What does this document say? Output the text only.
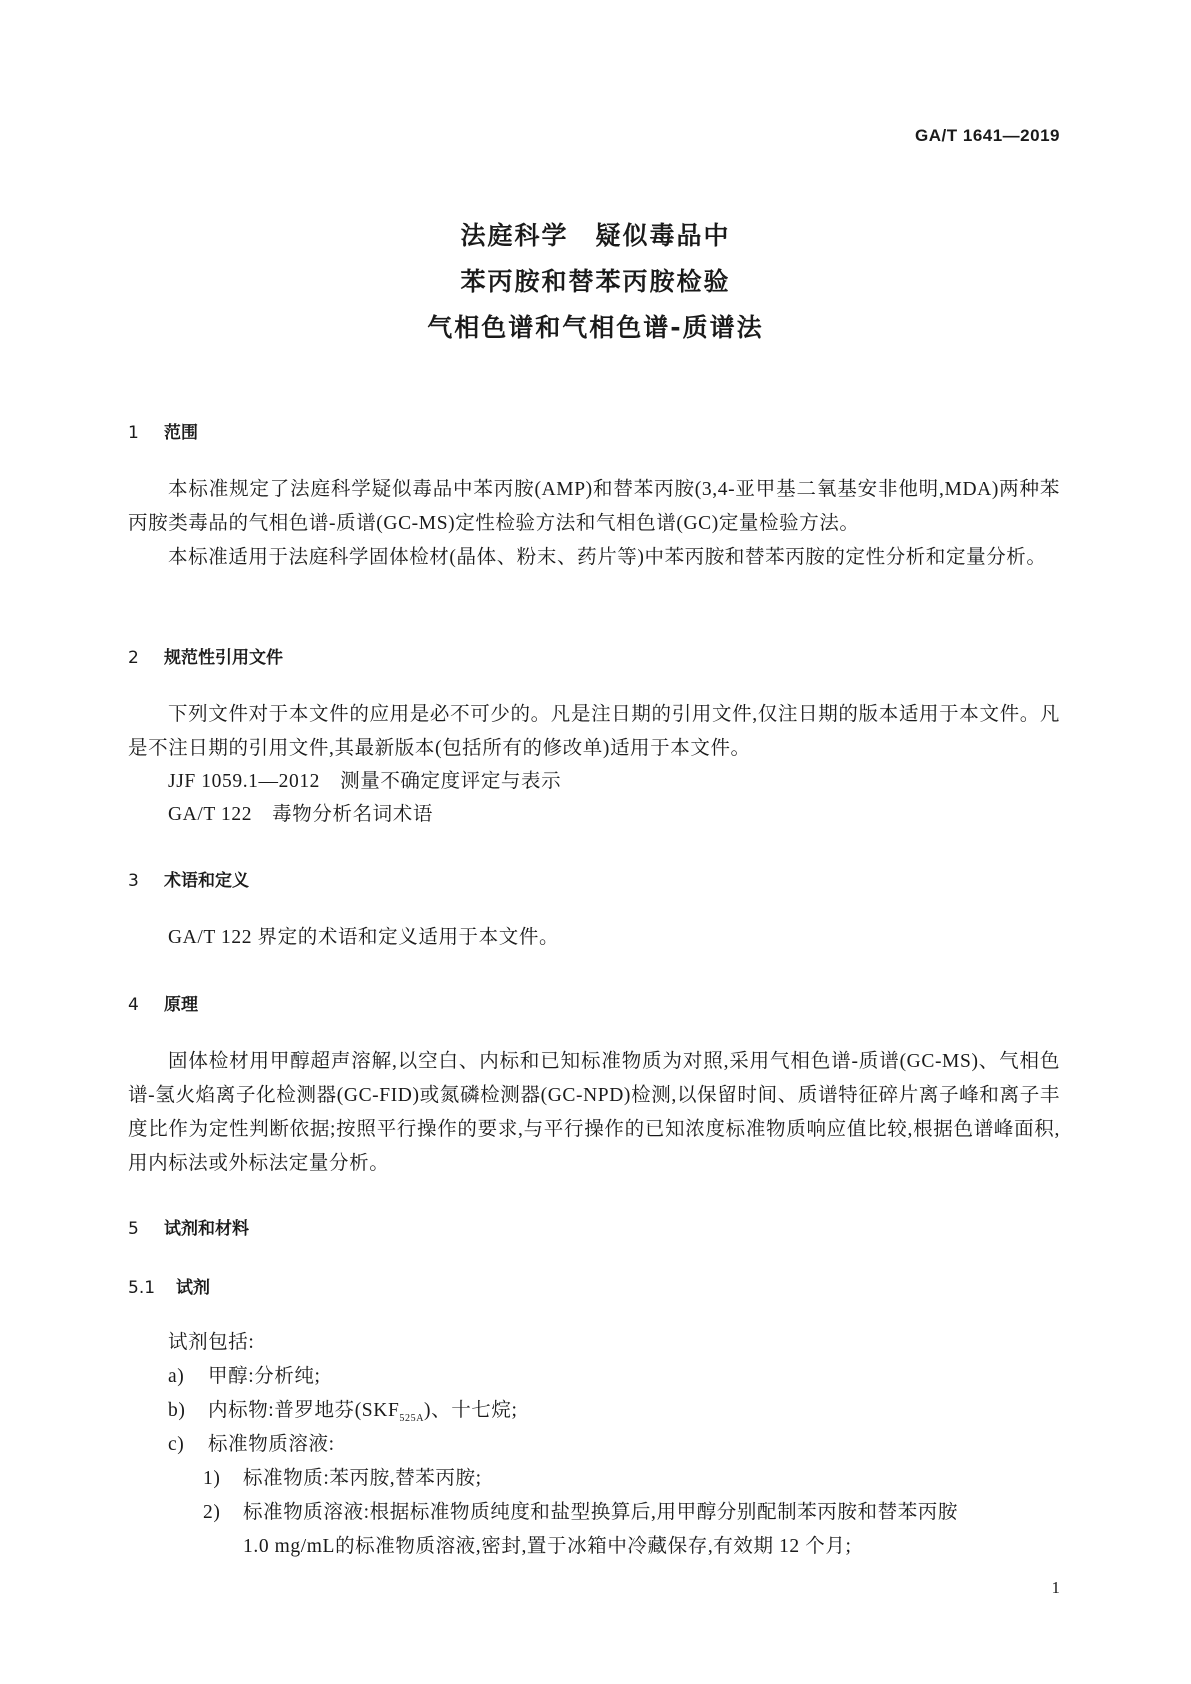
GA/T 1641—2019
法庭科学　疑似毒品中
苯丙胺和替苯丙胺检验
气相色谱和气相色谱-质谱法
1 范围
本标准规定了法庭科学疑似毒品中苯丙胺(AMP)和替苯丙胺(3,4-亚甲基二氧基安非他明,MDA)两种苯丙胺类毒品的气相色谱-质谱(GC-MS)定性检验方法和气相色谱(GC)定量检验方法。
本标准适用于法庭科学固体检材(晶体、粉末、药片等)中苯丙胺和替苯丙胺的定性分析和定量分析。
2 规范性引用文件
下列文件对于本文件的应用是必不可少的。凡是注日期的引用文件,仅注日期的版本适用于本文件。凡是不注日期的引用文件,其最新版本(包括所有的修改单)适用于本文件。
JJF 1059.1—2012　测量不确定度评定与表示
GA/T 122　毒物分析名词术语
3 术语和定义
GA/T 122 界定的术语和定义适用于本文件。
4 原理
固体检材用甲醇超声溶解,以空白、内标和已知标准物质为对照,采用气相色谱-质谱(GC-MS)、气相色谱-氢火焰离子化检测器(GC-FID)或氮磷检测器(GC-NPD)检测,以保留时间、质谱特征碎片离子峰和离子丰度比作为定性判断依据;按照平行操作的要求,与平行操作的已知浓度标准物质响应值比较,根据色谱峰面积,用内标法或外标法定量分析。
5 试剂和材料
5.1 试剂
试剂包括:
a) 甲醇:分析纯;
b) 内标物:普罗地芬$(SKF_{525A})$、十七烷;
c) 标准物质溶液:
1) 标准物质:苯丙胺,替苯丙胺;
2) 标准物质溶液:根据标准物质纯度和盐型换算后,用甲醇分别配制苯丙胺和替苯丙胺
1.0 mg/mL的标准物质溶液,密封,置于冰箱中冷藏保存,有效期 12 个月;
1
